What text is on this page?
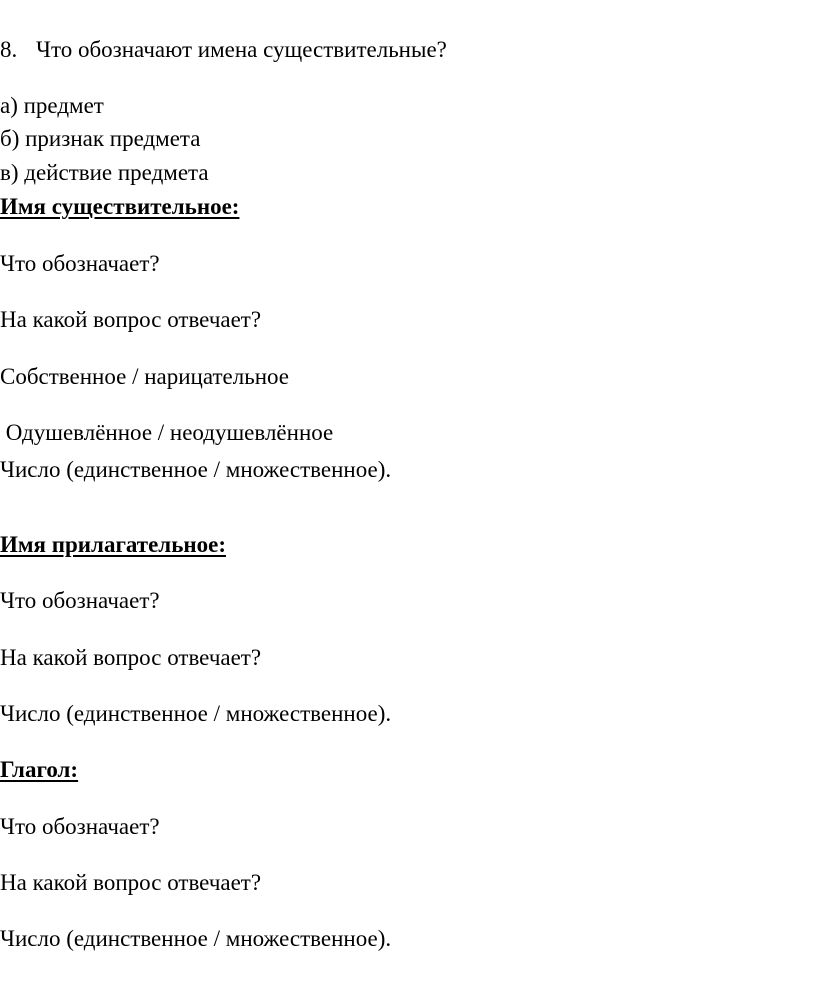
8. Что обозначают имена существительные?
а) предмет
б) признак предмета
в) действие предмета
Имя существительное:
Что обозначает?
На какой вопрос отвечает?
Собственное / нарицательное
Одушевлённое / неодушевлённое
Число (единственное / множественное).
Имя прилагательное:
Что обозначает?
На какой вопрос отвечает?
Число (единственное / множественное).
Глагол:
Что обозначает?
На какой вопрос отвечает?
Число (единственное / множественное).
